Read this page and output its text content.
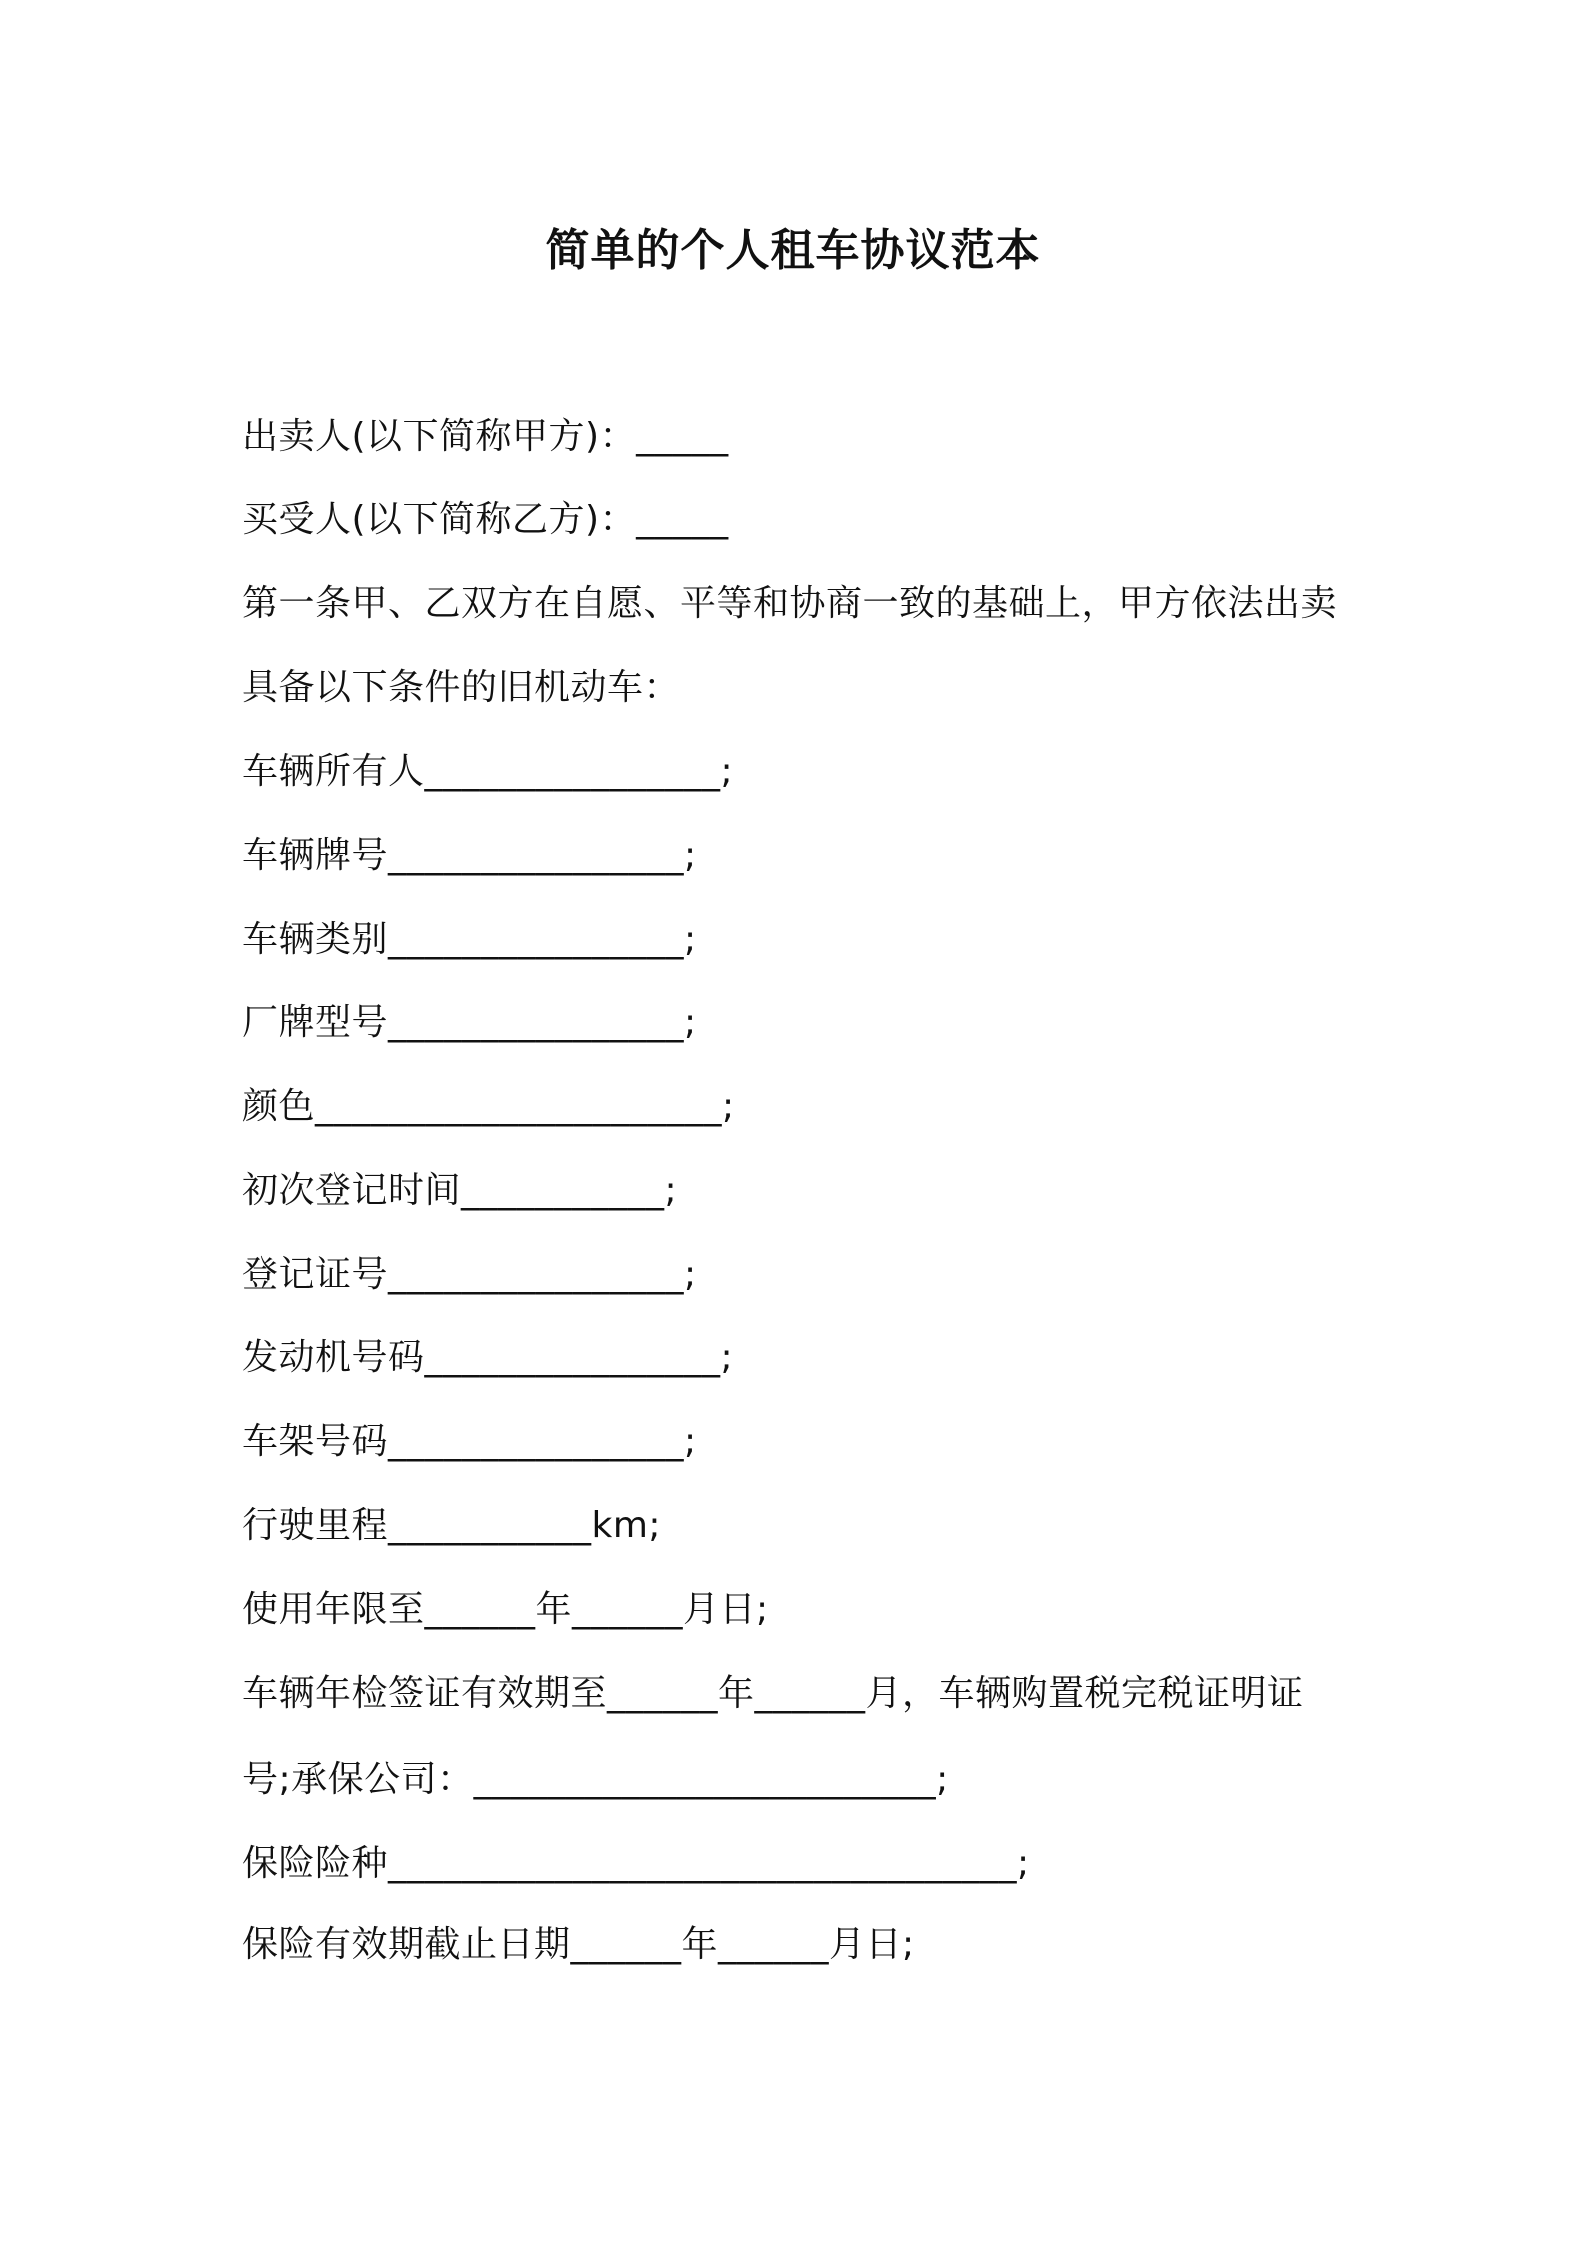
简单的个人租车协议范本
出卖人(以下简称甲方)：_____
买受人(以下简称乙方)：_____
第一条甲、乙双方在自愿、平等和协商一致的基础上，甲方依法出卖
具备以下条件的旧机动车：
车辆所有人________________;
车辆牌号________________;
车辆类别________________;
厂牌型号________________;
颜色______________________;
初次登记时间___________;
登记证号________________;
发动机号码________________;
车架号码________________;
行驶里程___________km;
使用年限至______年______月日;
车辆年检签证有效期至______年______月，车辆购置税完税证明证
号;承保公司：_________________________;
保险险种__________________________________;
保险有效期截止日期______年______月日;
